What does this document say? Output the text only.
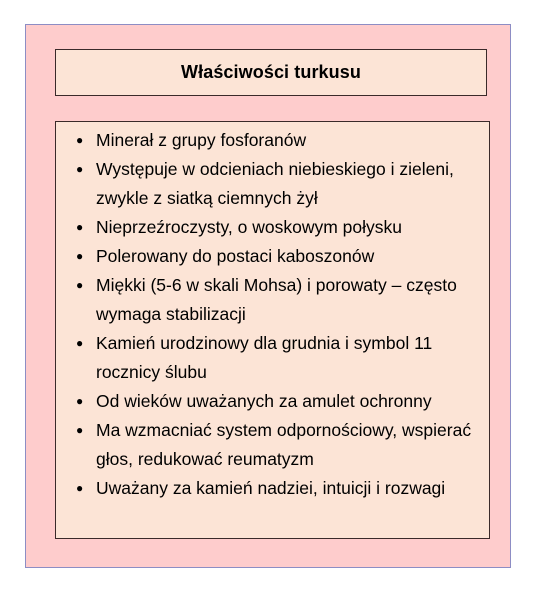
Właściwości turkusu
● Minerał z grupy fosforanów
● Występuje w odcieniach niebieskiego i zieleni, zwykle z siatką ciemnych żył
● Nieprzeźroczysty, o woskowym połysku
● Polerowany do postaci kaboszonów
● Miękki (5-6 w skali Mohsa) i porowaty – często wymaga stabilizacji
● Kamień urodzinowy dla grudnia i symbol 11 rocznicy ślubu
● Od wieków uważanych za amulet ochronny
● Ma wzmacniać system odpornościowy, wspierać głos, redukować reumatyzm
● Uważany za kamień nadziei, intuicji i rozwagi
